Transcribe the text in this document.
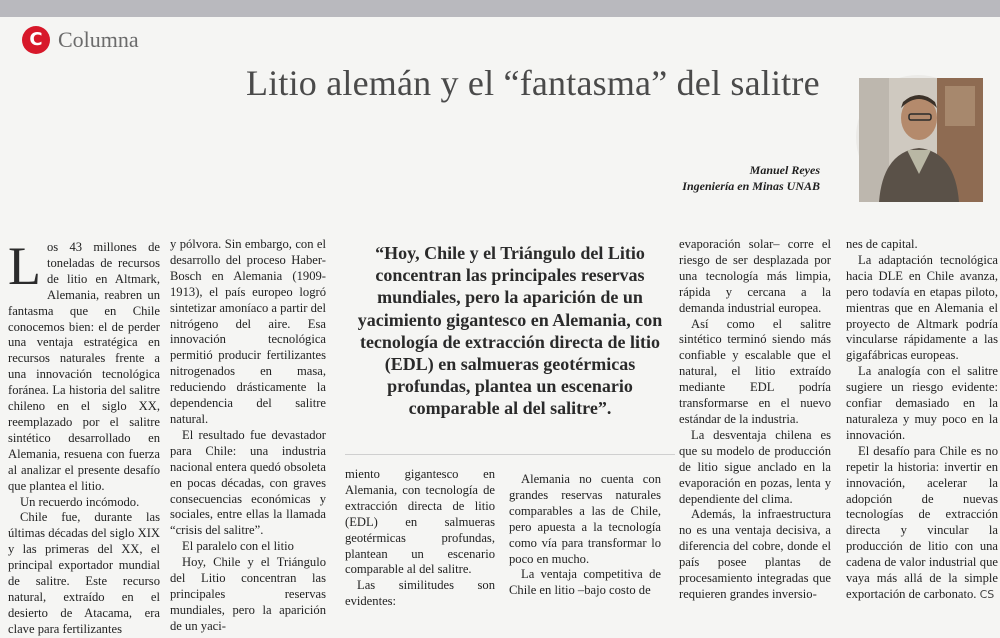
C Columna
Litio alemán y el “fantasma” del salitre
Manuel Reyes
Ingeniería en Minas UNAB

Los 43 millones de toneladas de recursos de litio en Altmark, Alemania, reabren un fantasma que en Chile conocemos bien: el de perder una ventaja estratégica en recursos naturales frente a una innovación tecnológica foránea. La historia del salitre chileno en el siglo XX, reemplazado por el salitre sintético desarrollado en Alemania, resuena con fuerza al analizar el presente desafío que plantea el litio.

Un recuerdo incómodo.

Chile fue, durante las últimas décadas del siglo XIX y las primeras del XX, el principal exportador mundial de salitre. Este recurso natural, extraído en el desierto de Atacama, era clave para fertilizantes

y pólvora. Sin embargo, con el desarrollo del proceso Haber-Bosch en Alemania (1909-1913), el país europeo logró sintetizar amoníaco a partir del nitrógeno del aire. Esa innovación tecnológica permitió producir fertilizantes nitrogenados en masa, reduciendo drásticamente la dependencia del salitre natural.

El resultado fue devastador para Chile: una industria nacional entera quedó obsoleta en pocas décadas, con graves consecuencias económicas y sociales, entre ellas la llamada “crisis del salitre”.

El paralelo con el litio

Hoy, Chile y el Triángulo del Litio concentran las principales reservas mundiales, pero la aparición de un yaci-

“Hoy, Chile y el Triángulo del Litio concentran las principales reservas mundiales, pero la aparición de un yacimiento gigantesco en Alemania, con tecnología de extracción directa de litio (EDL) en salmueras geotérmicas profundas, plantea un escenario comparable al del salitre”.

miento gigantesco en Alemania, con tecnología de extracción directa de litio (EDL) en salmueras geotérmicas profundas, plantean un escenario comparable al del salitre.

Las similitudes son evidentes:

Alemania no cuenta con grandes reservas naturales comparables a las de Chile, pero apuesta a la tecnología como vía para transformar lo poco en mucho.

La ventaja competitiva de Chile en litio –bajo costo de

evaporación solar– corre el riesgo de ser desplazada por una tecnología más limpia, rápida y cercana a la demanda industrial europea.

Así como el salitre sintético terminó siendo más confiable y escalable que el natural, el litio extraído mediante EDL podría transformarse en el nuevo estándar de la industria.

La desventaja chilena es que su modelo de producción de litio sigue anclado en la evaporación en pozas, lenta y dependiente del clima.

Además, la infraestructura no es una ventaja decisiva, a diferencia del cobre, donde el país posee plantas de procesamiento integradas que requieren grandes inversio-

nes de capital.

La adaptación tecnológica hacia DLE en Chile avanza, pero todavía en etapas piloto, mientras que en Alemania el proyecto de Altmark podría vincularse rápidamente a las gigafábricas europeas.

La analogía con el salitre sugiere un riesgo evidente: confiar demasiado en la naturaleza y muy poco en la innovación.

El desafío para Chile es no repetir la historia: invertir en innovación, acelerar la adopción de nuevas tecnologías de extracción directa y vincular la producción de litio con una cadena de valor industrial que vaya más allá de la simple exportación de carbonato. CS
